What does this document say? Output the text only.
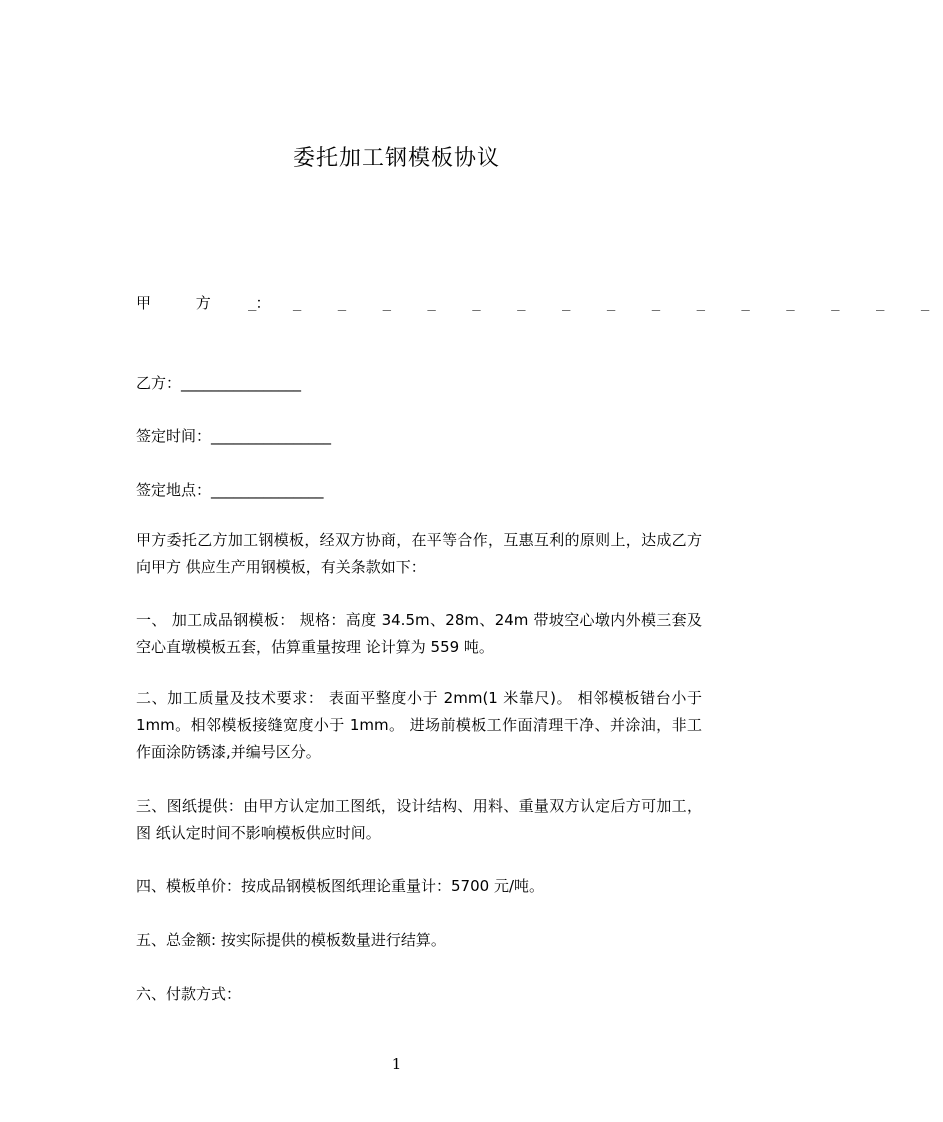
委托加工钢模板协议
甲 方 ：
_ _ _ _ _ _ _ _ _ _ _ _ _ _ _ _
乙方：________________
签定时间：________________
签定地点：_______________
甲方委托乙方加工钢模板，经双方协商，在平等合作，互惠互利的原则上，达成乙方向甲方 供应生产用钢模板，有关条款如下：
一、 加工成品钢模板： 规格：高度 34.5m、28m、24m 带坡空心墩内外模三套及空心直墩模板五套，估算重量按理 论计算为 559 吨。
二、加工质量及技术要求： 表面平整度小于 2mm(1 米靠尺)。 相邻模板错台小于 1mm。相邻模板接缝宽度小于 1mm。 进场前模板工作面清理干净、并涂油，非工作面涂防锈漆,并编号区分。
三、图纸提供：由甲方认定加工图纸，设计结构、用料、重量双方认定后方可加工，图 纸认定时间不影响模板供应时间。
四、模板单价：按成品钢模板图纸理论重量计：5700 元/吨。
五、总金额: 按实际提供的模板数量进行结算。
六、付款方式：
1
